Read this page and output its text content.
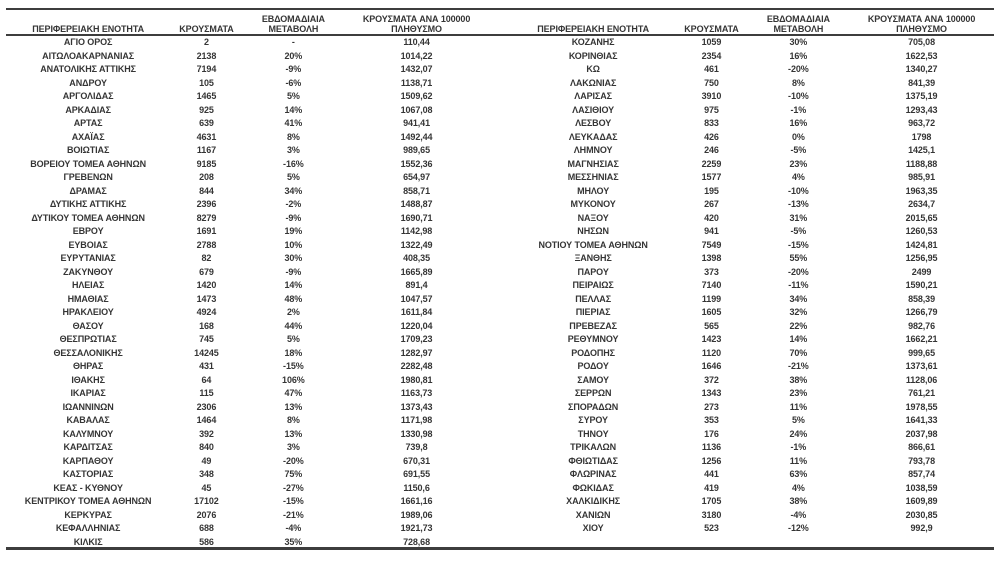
ΠΕΡΙΦΕΡΕΙΑΚΗ ΕΝΟΤΗΤΑ	ΚΡΟΥΣΜΑΤΑ	ΕΒΔΟΜΑΔΙΑΙΑ ΜΕΤΑΒΟΛΗ	ΚΡΟΥΣΜΑΤΑ ΑΝΑ 100000 ΠΛΗΘΥΣΜΟ
ΑΓΙΟ ΟΡΟΣ	2	-	110,44
ΑΙΤΩΛΟΑΚΑΡΝΑΝΙΑΣ	2138	20%	1014,22
ΑΝΑΤΟΛΙΚΗΣ ΑΤΤΙΚΗΣ	7194	-9%	1432,07
ΑΝΔΡΟΥ	105	-6%	1138,71
ΑΡΓΟΛΙΔΑΣ	1465	5%	1509,62
ΑΡΚΑΔΙΑΣ	925	14%	1067,08
ΑΡΤΑΣ	639	41%	941,41
ΑΧΑΪΑΣ	4631	8%	1492,44
ΒΟΙΩΤΙΑΣ	1167	3%	989,65
ΒΟΡΕΙΟΥ ΤΟΜΕΑ ΑΘΗΝΩΝ	9185	-16%	1552,36
ΓΡΕΒΕΝΩΝ	208	5%	654,97
ΔΡΑΜΑΣ	844	34%	858,71
ΔΥΤΙΚΗΣ ΑΤΤΙΚΗΣ	2396	-2%	1488,87
ΔΥΤΙΚΟΥ ΤΟΜΕΑ ΑΘΗΝΩΝ	8279	-9%	1690,71
ΕΒΡΟΥ	1691	19%	1142,98
ΕΥΒΟΙΑΣ	2788	10%	1322,49
ΕΥΡΥΤΑΝΙΑΣ	82	30%	408,35
ΖΑΚΥΝΘΟΥ	679	-9%	1665,89
ΗΛΕΙΑΣ	1420	14%	891,4
ΗΜΑΘΙΑΣ	1473	48%	1047,57
ΗΡΑΚΛΕΙΟΥ	4924	2%	1611,84
ΘΑΣΟΥ	168	44%	1220,04
ΘΕΣΠΡΩΤΙΑΣ	745	5%	1709,23
ΘΕΣΣΑΛΟΝΙΚΗΣ	14245	18%	1282,97
ΘΗΡΑΣ	431	-15%	2282,48
ΙΘΑΚΗΣ	64	106%	1980,81
ΙΚΑΡΙΑΣ	115	47%	1163,73
ΙΩΑΝΝΙΝΩΝ	2306	13%	1373,43
ΚΑΒΑΛΑΣ	1464	8%	1171,98
ΚΑΛΥΜΝΟΥ	392	13%	1330,98
ΚΑΡΔΙΤΣΑΣ	840	3%	739,8
ΚΑΡΠΑΘΟΥ	49	-20%	670,31
ΚΑΣΤΟΡΙΑΣ	348	75%	691,55
ΚΕΑΣ - ΚΥΘΝΟΥ	45	-27%	1150,6
ΚΕΝΤΡΙΚΟΥ ΤΟΜΕΑ ΑΘΗΝΩΝ	17102	-15%	1661,16
ΚΕΡΚΥΡΑΣ	2076	-21%	1989,06
ΚΕΦΑΛΛΗΝΙΑΣ	688	-4%	1921,73
ΚΙΛΚΙΣ	586	35%	728,68
ΠΕΡΙΦΕΡΕΙΑΚΗ ΕΝΟΤΗΤΑ	ΚΡΟΥΣΜΑΤΑ	ΕΒΔΟΜΑΔΙΑΙΑ ΜΕΤΑΒΟΛΗ	ΚΡΟΥΣΜΑΤΑ ΑΝΑ 100000 ΠΛΗΘΥΣΜΟ
ΚΟΖΑΝΗΣ	1059	30%	705,08
ΚΟΡΙΝΘΙΑΣ	2354	16%	1622,53
ΚΩ	461	-20%	1340,27
ΛΑΚΩΝΙΑΣ	750	8%	841,39
ΛΑΡΙΣΑΣ	3910	-10%	1375,19
ΛΑΣΙΘΙΟΥ	975	-1%	1293,43
ΛΕΣΒΟΥ	833	16%	963,72
ΛΕΥΚΑΔΑΣ	426	0%	1798
ΛΗΜΝΟΥ	246	-5%	1425,1
ΜΑΓΝΗΣΙΑΣ	2259	23%	1188,88
ΜΕΣΣΗΝΙΑΣ	1577	4%	985,91
ΜΗΛΟΥ	195	-10%	1963,35
ΜΥΚΟΝΟΥ	267	-13%	2634,7
ΝΑΞΟΥ	420	31%	2015,65
ΝΗΣΩΝ	941	-5%	1260,53
ΝΟΤΙΟΥ ΤΟΜΕΑ ΑΘΗΝΩΝ	7549	-15%	1424,81
ΞΑΝΘΗΣ	1398	55%	1256,95
ΠΑΡΟΥ	373	-20%	2499
ΠΕΙΡΑΙΩΣ	7140	-11%	1590,21
ΠΕΛΛΑΣ	1199	34%	858,39
ΠΙΕΡΙΑΣ	1605	32%	1266,79
ΠΡΕΒΕΖΑΣ	565	22%	982,76
ΡΕΘΥΜΝΟΥ	1423	14%	1662,21
ΡΟΔΟΠΗΣ	1120	70%	999,65
ΡΟΔΟΥ	1646	-21%	1373,61
ΣΑΜΟΥ	372	38%	1128,06
ΣΕΡΡΩΝ	1343	23%	761,21
ΣΠΟΡΑΔΩΝ	273	11%	1978,55
ΣΥΡΟΥ	353	5%	1641,33
ΤΗΝΟΥ	176	24%	2037,98
ΤΡΙΚΑΛΩΝ	1136	-1%	866,61
ΦΘΙΩΤΙΔΑΣ	1256	11%	793,78
ΦΛΩΡΙΝΑΣ	441	63%	857,74
ΦΩΚΙΔΑΣ	419	4%	1038,59
ΧΑΛΚΙΔΙΚΗΣ	1705	38%	1609,89
ΧΑΝΙΩΝ	3180	-4%	2030,85
ΧΙΟΥ	523	-12%	992,9
